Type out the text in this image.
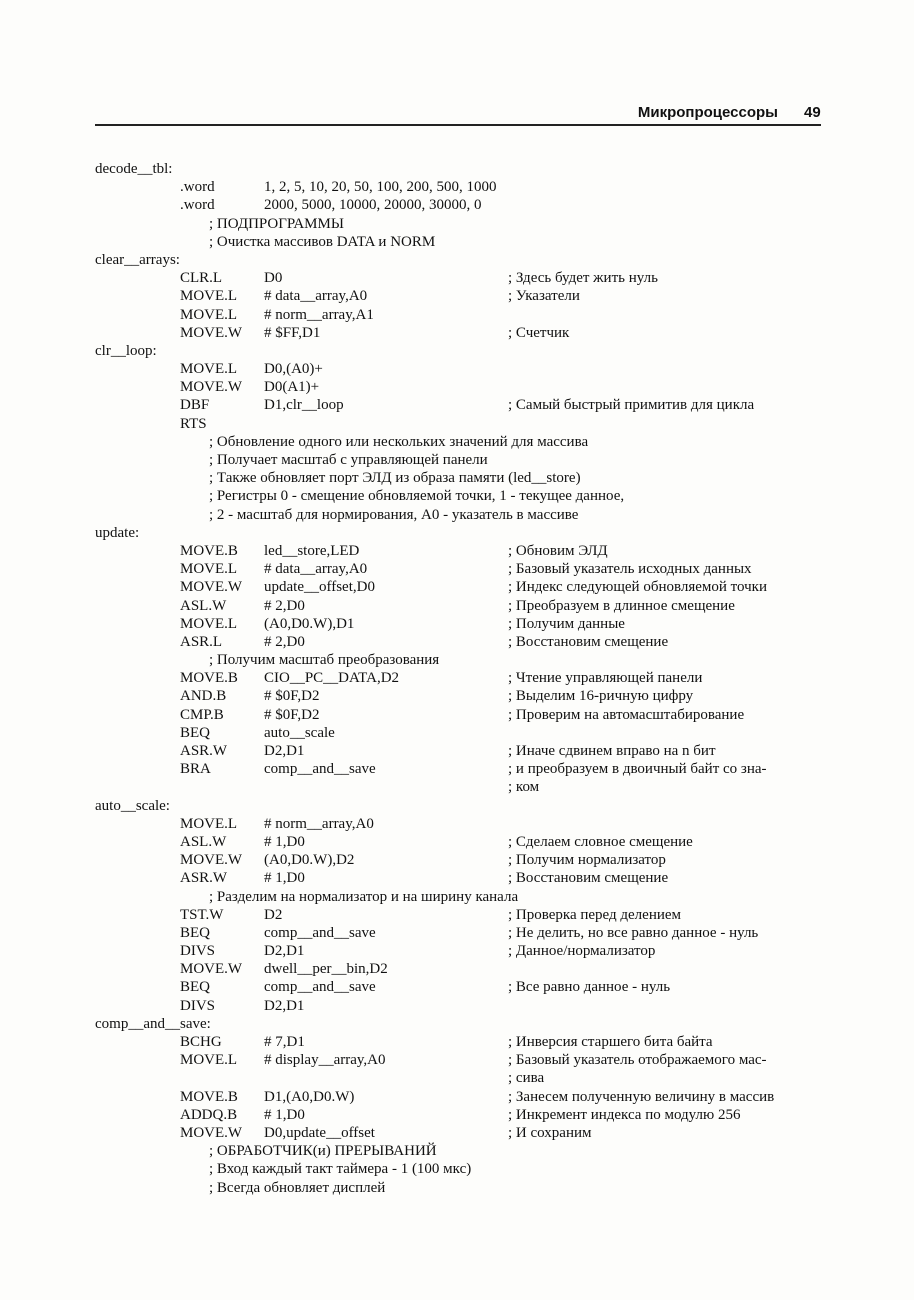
Микропроцессоры 49
decode__tbl:
.word	1, 2, 5, 10, 20, 50, 100, 200, 500, 1000
.word	2000, 5000, 10000, 20000, 30000, 0
; ПОДПРОГРАММЫ
; Очистка массивов DATA и NORM
clear__arrays:
CLR.L	D0	; Здесь будет жить нуль
MOVE.L # data__array,A0	; Указатели
MOVE.L # norm__array,A1
MOVE.W # $FF,D1	; Счетчик
clr__loop:
MOVE.L D0,(A0)+
MOVE.W D0(A1)+
DBF	D1,clr__loop	; Самый быстрый примитив для цикла
RTS
; Обновление одного или нескольких значений для массива
; Получает масштаб с управляющей панели
; Также обновляет порт ЭЛД из образа памяти (led__store)
; Регистры 0 - смещение обновляемой точки, 1 - текущее данное,
; 2 - масштаб для нормирования, A0 - указатель в массиве
update:
MOVE.B led__store,LED	; Обновим ЭЛД
MOVE.L # data__array,A0	; Базовый указатель исходных данных
MOVE.W update__offset,D0	; Индекс следующей обновляемой точки
ASL.W	# 2,D0	; Преобразуем в длинное смещение
MOVE.L (A0,D0.W),D1	; Получим данные
ASR.L	# 2,D0	; Восстановим смещение
; Получим масштаб преобразования
MOVE.B CIO__PC__DATA,D2	; Чтение управляющей панели
AND.B	# $0F,D2	; Выделим 16-ричную цифру
CMP.B	# $0F,D2	; Проверим на автомасштабирование
BEQ	auto__scale
ASR.W D2,D1	; Иначе сдвинем вправо на n бит
BRA	comp__and__save	; и преобразуем в двоичный байт со зна-
; ком
auto__scale:
MOVE.L # norm__array,A0
ASL.W	# 1,D0	; Сделаем словное смещение
MOVE.W (A0,D0.W),D2	; Получим нормализатор
ASR.W # 1,D0	; Восстановим смещение
; Разделим на нормализатор и на ширину канала
TST.W	D2	; Проверка перед делением
BEQ	comp__and__save	; Не делить, но все равно данное - нуль
DIVS	D2,D1	; Данное/нормализатор
MOVE.W dwell__per__bin,D2
BEQ	comp__and__save	; Все равно данное - нуль
DIVS	D2,D1
comp__and__save:
BCHG	# 7,D1	; Инверсия старшего бита байта
MOVE.L # display__array,A0	; Базовый указатель отображаемого мас-
; сива
MOVE.B D1,(A0,D0.W)	; Занесем полученную величину в массив
ADDQ.B # 1,D0	; Инкремент индекса по модулю 256
MOVE.W D0,update__offset	; И сохраним
; ОБРАБОТЧИК(и) ПРЕРЫВАНИЙ
; Вход каждый такт таймера - 1 (100 мкс)
; Всегда обновляет дисплей
